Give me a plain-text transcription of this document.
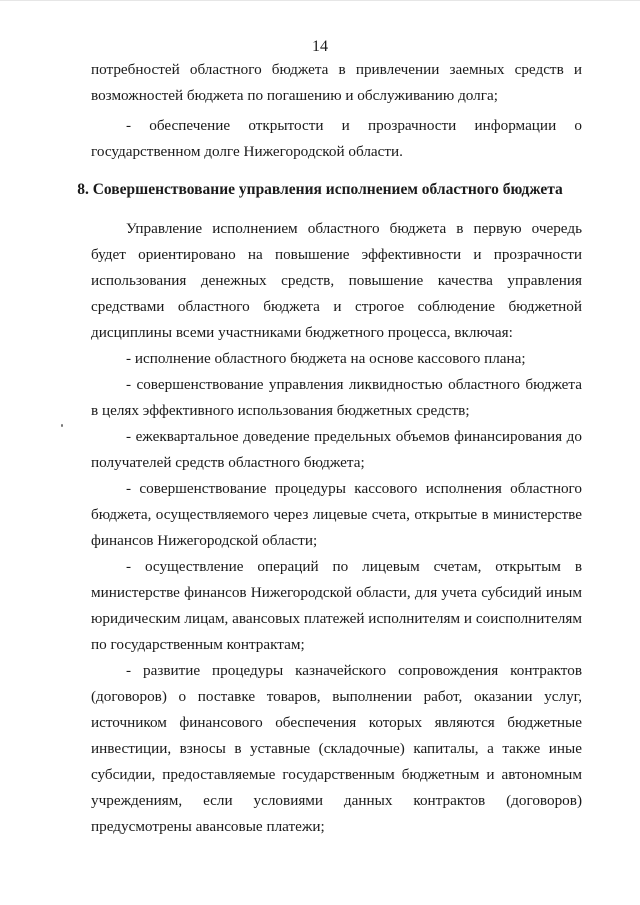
14

потребностей областного бюджета в привлечении заемных средств и возможностей бюджета по погашению и обслуживанию долга;

- обеспечение открытости и прозрачности информации о государственном долге Нижегородской области.

8. Совершенствование управления исполнением областного бюджета

Управление исполнением областного бюджета в первую очередь будет ориентировано на повышение эффективности и прозрачности использования денежных средств, повышение качества управления средствами областного бюджета и строгое соблюдение бюджетной дисциплины всеми участниками бюджетного процесса, включая:

- исполнение областного бюджета на основе кассового плана;

- совершенствование управления ликвидностью областного бюджета в целях эффективного использования бюджетных средств;

- ежеквартальное доведение предельных объемов финансирования до получателей средств областного бюджета;

- совершенствование процедуры кассового исполнения областного бюджета, осуществляемого через лицевые счета, открытые в министерстве финансов Нижегородской области;

- осуществление операций по лицевым счетам, открытым в министерстве финансов Нижегородской области, для учета субсидий иным юридическим лицам, авансовых платежей исполнителям и соисполнителям по государственным контрактам;

- развитие процедуры казначейского сопровождения контрактов (договоров) о поставке товаров, выполнении работ, оказании услуг, источником финансового обеспечения которых являются бюджетные инвестиции, взносы в уставные (складочные) капиталы, а также иные субсидии, предоставляемые государственным бюджетным и автономным учреждениям, если условиями данных контрактов (договоров) предусмотрены авансовые платежи;
